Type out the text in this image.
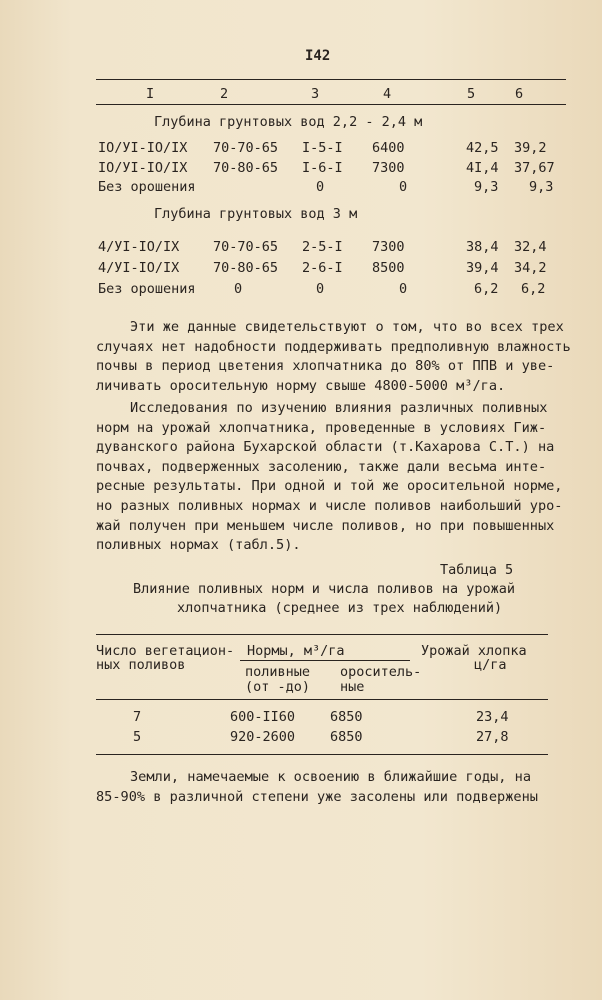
I42
I	2	3	4	5	6
Глубина грунтовых вод 2,2 - 2,4 м
IO/УI-IO/IX 70-70-65 I-5-I 6400	42,5 39,2
IO/УI-IO/IX 70-80-65 I-6-I 7300	4I,4 37,67
Без орошения	0	0	9,3 9,3
Глубина грунтовых вод 3 м
4/УI-IO/IX 70-70-65 2-5-I 7300	38,4 32,4
4/УI-IO/IX 70-80-65 2-6-I 8500	39,4 34,2
Без орошения	0	0	0	6,2 6,2
Эти же данные свидетельствуют о том, что во всех трех
случаях нет надобности поддерживать предполивную влажность
почвы в период цветения хлопчатника до 80% от ППВ и уве-
личивать оросительную норму свыше 4800-5000 м³/га.
Исследования по изучению влияния различных поливных
норм на урожай хлопчатника, проведенные в условиях Гиж-
дуванского района Бухарской области (т.Кахарова С.Т.) на
почвах, подверженных засолению, также дали весьма инте-
ресные результаты. При одной и той же оросительной норме,
но разных поливных нормах и числе поливов наибольший уро-
жай получен при меньшем числе поливов, но при повышенных
поливных нормах (табл.5).
Таблица 5
Влияние поливных норм и числа поливов на урожай
хлопчатника (среднее из трех наблюдений)
Число вегетацион-
ных поливов
Нормы, м³/га
поливные
(от -до)
ороситель-
ные
Урожай хлопка
ц/га
7	600-II60	6850	23,4
5	920-2600	6850	27,8
Земли, намечаемые к освоению в ближайшие годы, на
85-90% в различной степени уже засолены или подвержены
